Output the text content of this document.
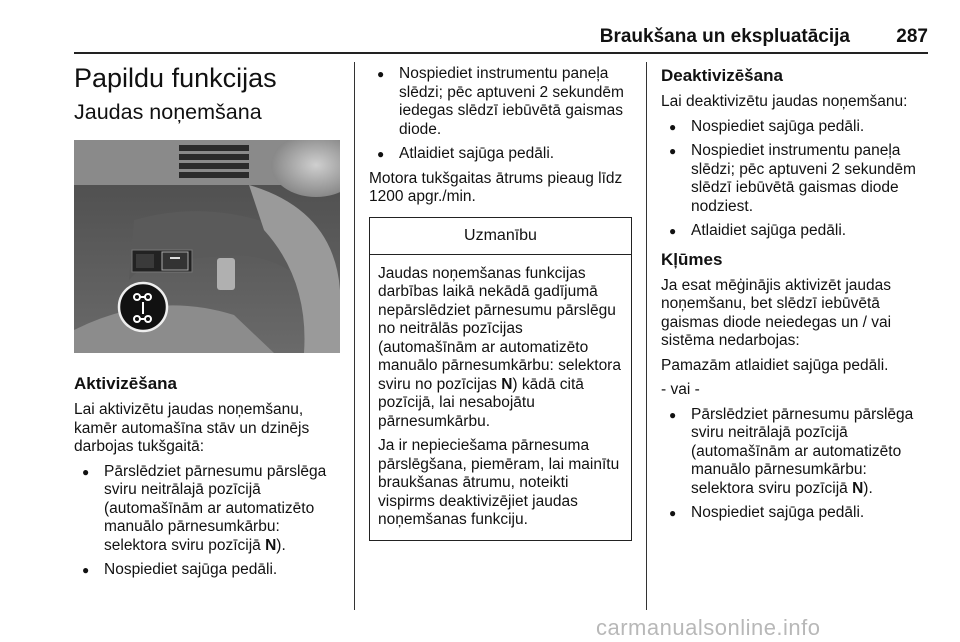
Braukšana un ekspluatācija	287
Papildu funkcijas
Jaudas noņemšana
Aktivizēšana

Lai aktivizētu jaudas noņemšanu, kamēr automašīna stāv un dzinējs darbojas tukšgaitā:

● Pārslēdziet pārnesumu pārslēga sviru neitrālajā pozīcijā (automašīnām ar automatizēto manuālo pārnesumkārbu: selektora sviru pozīcijā N).
● Nospiediet sajūga pedāli.
● Nospiediet instrumentu paneļa slēdzi; pēc aptuveni 2 sekundēm iedegas slēdzī iebūvētā gaismas diode.
● Atlaidiet sajūga pedāli.

Motora tukšgaitas ātrums pieaug līdz 1200 apgr./min.

Uzmanību

Jaudas noņemšanas funkcijas darbības laikā nekādā gadījumā nepārslēdziet pārnesumu pārslēgu no neitrālās pozīcijas (automašīnām ar automatizēto manuālo pārnesumkārbu: selektora sviru no pozīcijas N) kādā citā pozīcijā, lai nesabojātu pārnesumkārbu.

Ja ir nepieciešama pārnesuma pārslēgšana, piemēram, lai mainītu braukšanas ātrumu, noteikti vispirms deaktivizējiet jaudas noņemšanas funkciju.

Deaktivizēšana

Lai deaktivizētu jaudas noņemšanu:

● Nospiediet sajūga pedāli.
● Nospiediet instrumentu paneļa slēdzi; pēc aptuveni 2 sekundēm slēdzī iebūvētā gaismas diode nodziest.
● Atlaidiet sajūga pedāli.
Kļūmes

Ja esat mēģinājis aktivizēt jaudas noņemšanu, bet slēdzī iebūvētā gaismas diode neiedegas un / vai sistēma nedarbojas:

Pamazām atlaidiet sajūga pedāli.

- vai -

● Pārslēdziet pārnesumu pārslēga sviru neitrālajā pozīcijā (automašīnām ar automatizēto manuālo pārnesumkārbu: selektora sviru pozīcijā N).
● Nospiediet sajūga pedāli.
carmanualsonline.info
